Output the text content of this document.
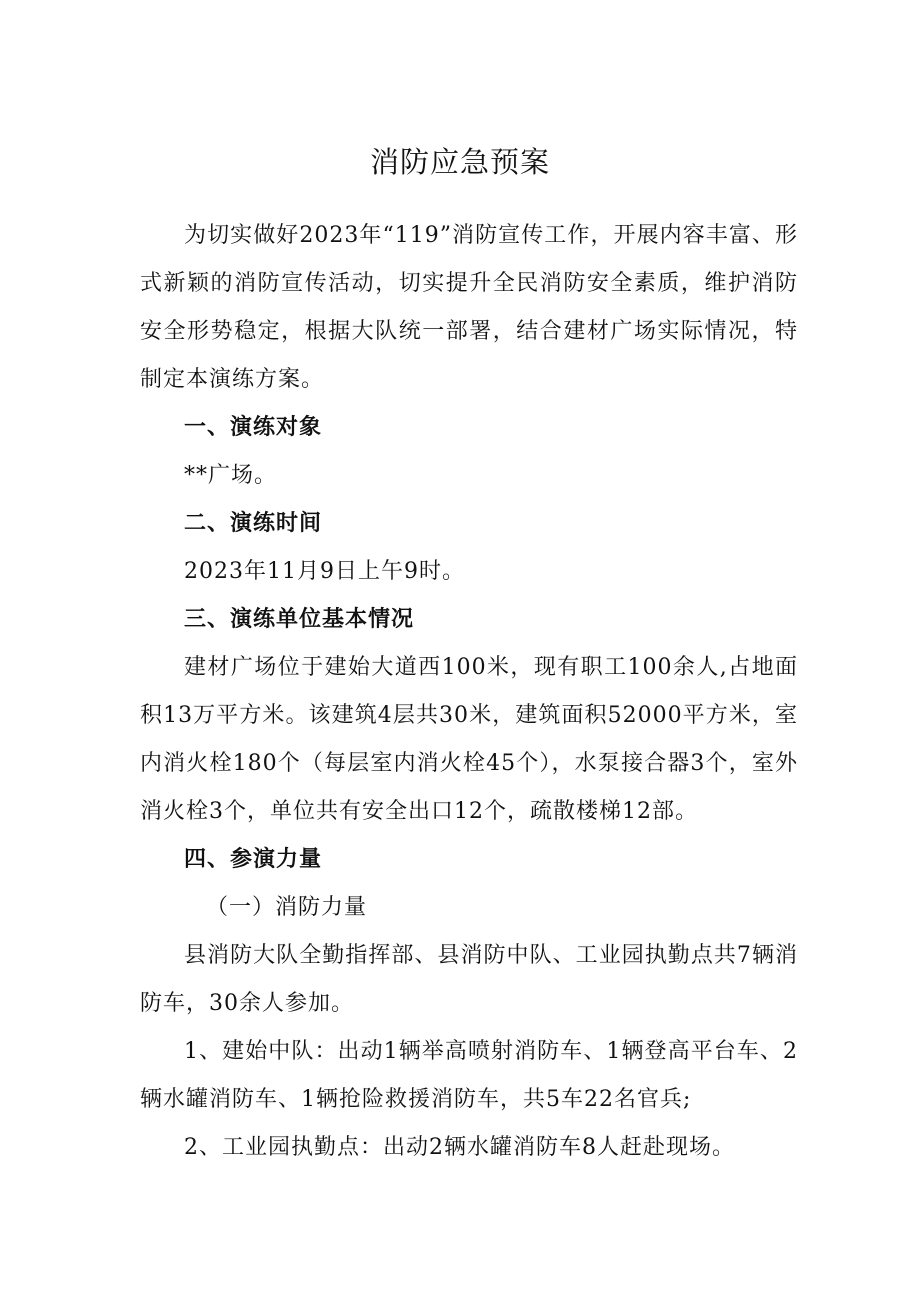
消防应急预案

为切实做好2023年“119”消防宣传工作，开展内容丰富、形式新颖的消防宣传活动，切实提升全民消防安全素质，维护消防安全形势稳定，根据大队统一部署，结合建材广场实际情况，特制定本演练方案。

一、演练对象

**广场。

二、演练时间

2023年11月9日上午9时。

三、演练单位基本情况

建材广场位于建始大道西100米，现有职工100余人,占地面积13万平方米。该建筑4层共30米，建筑面积52000平方米，室内消火栓180个（每层室内消火栓45个），水泵接合器3个，室外消火栓3个，单位共有安全出口12个，疏散楼梯12部。

四、参演力量

（一）消防力量

县消防大队全勤指挥部、县消防中队、工业园执勤点共7辆消防车，30余人参加。

1、建始中队：出动1辆举高喷射消防车、1辆登高平台车、2辆水罐消防车、1辆抢险救援消防车，共5车22名官兵;

2、工业园执勤点：出动2辆水罐消防车8人赶赴现场。
